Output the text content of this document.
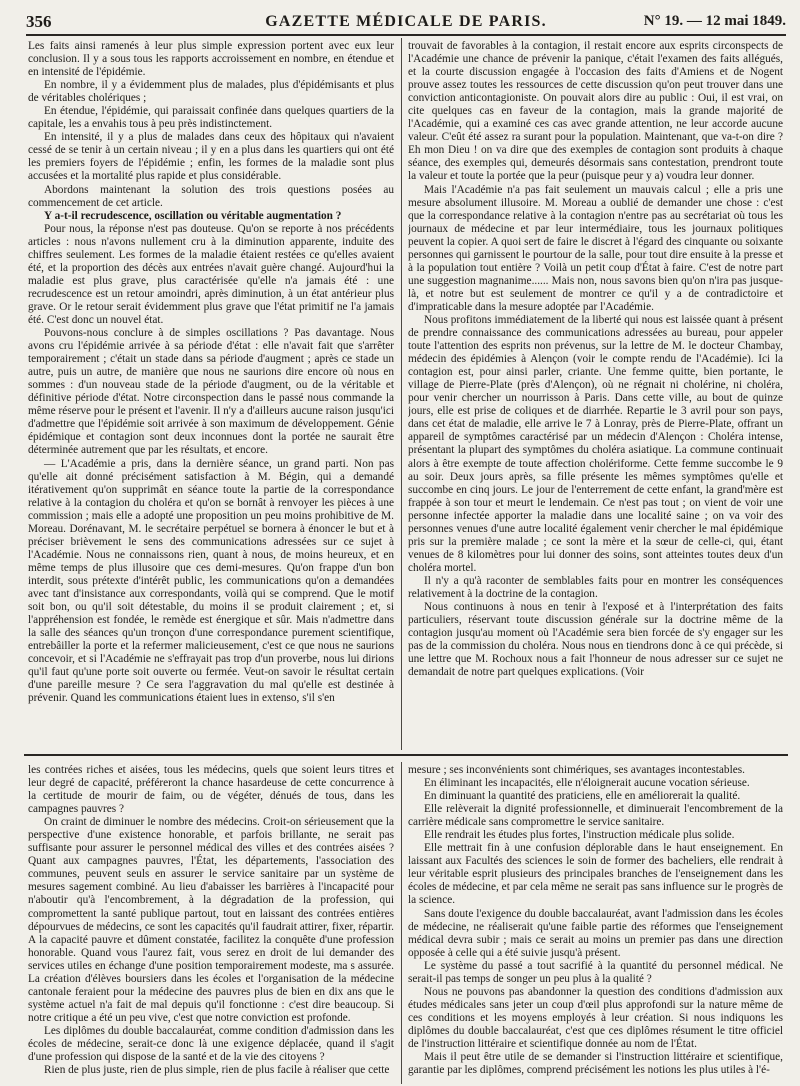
356	GAZETTE MÉDICALE DE PARIS.	N° 19. — 12 mai 1849.

Les faits ainsi ramenés à leur plus simple expression portent avec eux leur conclusion. Il y a sous tous les rapports accroissement en nombre, en étendue et en intensité de l'épidémie.

En nombre, il y a évidemment plus de malades, plus d'épidémisants et plus de véritables cholériques ;

En étendue, l'épidémie, qui paraissait confinée dans quelques quartiers de la capitale, les a envahis tous à peu près indistinctement.

En intensité, il y a plus de malades dans ceux des hôpitaux qui n'avaient cessé de se tenir à un certain niveau ; il y en a plus dans les quartiers qui ont été les premiers foyers de l'épidémie ; enfin, les formes de la maladie sont plus accusées et la mortalité plus rapide et plus considérable.

Abordons maintenant la solution des trois questions posées au commencement de cet article.

Y a-t-il recrudescence, oscillation ou véritable augmentation ?

Pour nous, la réponse n'est pas douteuse. Qu'on se reporte à nos précédents articles : nous n'avons nullement cru à la diminution apparente, induite des chiffres seulement. Les formes de la maladie étaient restées ce qu'elles avaient été, et la proportion des décès aux entrées n'avait guère changé. Aujourd'hui la maladie est plus grave, plus caractérisée qu'elle n'a jamais été : une recrudescence est un retour amoindri, après diminution, à un état antérieur plus grave. Or le retour serait évidemment plus grave que l'état primitif ne l'a jamais été. C'est donc un nouvel état.

Pouvons-nous conclure à de simples oscillations ? Pas davantage. Nous avons cru l'épidémie arrivée à sa période d'état : elle n'avait fait que s'arrêter temporairement ; c'était un stade dans sa période d'augment ; après ce stade un autre, puis un autre, de manière que nous ne saurions dire encore où nous en sommes : d'un nouveau stade de la période d'augment, ou de la véritable et définitive période d'état. Notre circonspection dans le passé nous commande la même réserve pour le présent et l'avenir. Il n'y a d'ailleurs aucune raison jusqu'ici d'admettre que l'épidémie soit arrivée à son maximum de développement. Génie épidémique et contagion sont deux inconnues dont la portée ne saurait être déterminée autrement que par les résultats, et encore.

— L'Académie a pris, dans la dernière séance, un grand parti. Non pas qu'elle ait donné précisément satisfaction à M. Bégin, qui a demandé itérativement qu'on supprimât en séance toute la partie de la correspondance relative à la contagion du choléra et qu'on se bornât à renvoyer les pièces à une commission ; mais elle a adopté une proposition un peu moins prohibitive de M. Moreau. Dorénavant, M. le secrétaire perpétuel se bornera à énoncer le but et à préciser brièvement le sens des communications adressées sur ce sujet à l'Académie. Nous ne connaissons rien, quant à nous, de moins heureux, et en même temps de plus illusoire que ces demi-mesures. Qu'on frappe d'un bon interdit, sous prétexte d'intérêt public, les communications qu'on a demandées avec tant d'insistance aux correspondants, voilà qui se comprend. Que le motif soit bon, ou qu'il soit détestable, du moins il se produit clairement ; et, si l'appréhension est fondée, le remède est énergique et sûr. Mais n'admettre dans la salle des séances qu'un tronçon d'une correspondance purement scientifique, entrebâiller la porte et la refermer malicieusement, c'est ce que nous ne saurions concevoir, et si l'Académie ne s'effrayait pas trop d'un proverbe, nous lui dirions qu'il faut qu'une porte soit ouverte ou fermée. Veut-on savoir le résultat certain d'une pareille mesure ? Ce sera l'aggravation du mal qu'elle est destinée à prévenir. Quand les communications étaient lues in extenso, s'il s'en

trouvait de favorables à la contagion, il restait encore aux esprits circonspects de l'Académie une chance de prévenir la panique, c'était l'examen des faits allégués, et la courte discussion engagée à l'occasion des faits d'Amiens et de Nogent prouve assez toutes les ressources de cette discussion qu'on peut trouver dans une conviction anticontagioniste. On pouvait alors dire au public : Oui, il est vrai, on cite quelques cas en faveur de la contagion, mais la grande majorité de l'Académie, qui a examiné ces cas avec grande attention, ne leur accorde aucune valeur. C'eût été assez ra surant pour la population. Maintenant, que va-t-on dire ? Eh mon Dieu ! on va dire que des exemples de contagion sont produits à chaque séance, des exemples qui, demeurés désormais sans contestation, prendront toute la valeur et toute la portée que la peur (puisque peur y a) voudra leur donner.

Mais l'Académie n'a pas fait seulement un mauvais calcul ; elle a pris une mesure absolument illusoire. M. Moreau a oublié de demander une chose : c'est que la correspondance relative à la contagion n'entre pas au secrétariat où tous les journaux de médecine et par leur intermédiaire, tous les journaux politiques peuvent la copier. A quoi sert de faire le discret à l'égard des cinquante ou soixante personnes qui garnissent le pourtour de la salle, pour tout dire ensuite à la presse et à la population tout entière ? Voilà un petit coup d'État à faire. C'est de notre part une suggestion magnanime...... Mais non, nous savons bien qu'on n'ira pas jusque-là, et notre but est seulement de montrer ce qu'il y a de contradictoire et d'impraticable dans la mesure adoptée par l'Académie.

Nous profitons immédiatement de la liberté qui nous est laissée quant à présent de prendre connaissance des communications adressées au bureau, pour appeler toute l'attention des esprits non prévenus, sur la lettre de M. le docteur Chambay, médecin des épidémies à Alençon (voir le compte rendu de l'Académie). Ici la contagion est, pour ainsi parler, criante. Une femme quitte, bien portante, le village de Pierre-Plate (près d'Alençon), où ne régnait ni cholérine, ni choléra, pour venir chercher un nourrisson à Paris. Dans cette ville, au bout de quinze jours, elle est prise de coliques et de diarrhée. Repartie le 3 avril pour son pays, dans cet état de maladie, elle arrive le 7 à Lonray, près de Pierre-Plate, offrant un appareil de symptômes caractérisé par un médecin d'Alençon : Choléra intense, présentant la plupart des symptômes du choléra asiatique. La commune continuait alors à être exempte de toute affection cholériforme. Cette femme succombe le 9 au soir. Deux jours après, sa fille présente les mêmes symptômes qu'elle et succombe en cinq jours. Le jour de l'enterrement de cette enfant, la grand'mère est frappée à son tour et meurt le lendemain. Ce n'est pas tout ; on vient de voir une personne infectée apporter la maladie dans une localité saine ; on va voir des personnes venues d'une autre localité également venir chercher le mal épidémique pris sur la première malade ; ce sont la mère et la sœur de celle-ci, qui, étant venues de 8 kilomètres pour lui donner des soins, sont atteintes toutes deux d'un choléra mortel.

Il n'y a qu'à raconter de semblables faits pour en montrer les conséquences relativement à la doctrine de la contagion.

Nous continuons à nous en tenir à l'exposé et à l'interprétation des faits particuliers, réservant toute discussion générale sur la doctrine même de la contagion jusqu'au moment où l'Académie sera bien forcée de s'y engager sur les pas de la commission du choléra. Nous nous en tiendrons donc à ce qui précède, si une lettre que M. Rochoux nous a fait l'honneur de nous adresser sur ce sujet ne demandait de notre part quelques explications. (Voir

les contrées riches et aisées, tous les médecins, quels que soient leurs titres et leur degré de capacité, préféreront la chance hasardeuse de cette concurrence à la certitude de mourir de faim, ou de végéter, dénués de tous, dans les campagnes pauvres ?

On craint de diminuer le nombre des médecins. Croit-on sérieusement que la perspective d'une existence honorable, et parfois brillante, ne serait pas suffisante pour assurer le personnel médical des villes et des contrées aisées ? Quant aux campagnes pauvres, l'État, les départements, l'association des communes, peuvent seuls en assurer le service sanitaire par un système de mesures sagement combiné. Au lieu d'abaisser les barrières à l'incapacité pour n'aboutir qu'à l'encombrement, à la dégradation de la profession, qui compromettent la santé publique partout, tout en laissant des contrées entières dépourvues de médecins, ce sont les capacités qu'il faudrait attirer, fixer, répartir. A la capacité pauvre et dûment constatée, facilitez la conquête d'une profession honorable. Quand vous l'aurez fait, vous serez en droit de lui demander des services utiles en échange d'une position temporairement modeste, ma s assurée. La création d'élèves boursiers dans les écoles et l'organisation de la médecine cantonale feraient pour la médecine des pauvres plus de bien en dix ans que le système actuel n'a fait de mal depuis qu'il fonctionne : c'est dire beaucoup. Si notre critique a été un peu vive, c'est que notre conviction est profonde.

Les diplômes du double baccalauréat, comme condition d'admission dans les écoles de médecine, serait-ce donc là une exigence déplacée, quand il s'agit d'une profession qui dispose de la santé et de la vie des citoyens ?

Rien de plus juste, rien de plus simple, rien de plus facile à réaliser que cette

mesure ; ses inconvénients sont chimériques, ses avantages incontestables.

En éliminant les incapacités, elle n'éloignerait aucune vocation sérieuse.

En diminuant la quantité des praticiens, elle en améliorerait la qualité.

Elle relèverait la dignité professionnelle, et diminuerait l'encombrement de la carrière médicale sans compromettre le service sanitaire.

Elle rendrait les études plus fortes, l'instruction médicale plus solide.

Elle mettrait fin à une confusion déplorable dans le haut enseignement. En laissant aux Facultés des sciences le soin de former des bacheliers, elle rendrait à leur véritable esprit plusieurs des principales branches de l'enseignement dans les écoles de médecine, et par cela même ne serait pas sans influence sur le progrès de la science.

Sans doute l'exigence du double baccalauréat, avant l'admission dans les écoles de médecine, ne réaliserait qu'une faible partie des réformes que l'enseignement médical devra subir ; mais ce serait au moins un premier pas dans une direction opposée à celle qui a été suivie jusqu'à présent.

Le système du passé a tout sacrifié à la quantité du personnel médical. Ne serait-il pas temps de songer un peu plus à la qualité ?

Nous ne pouvons pas abandonner la question des conditions d'admission aux études médicales sans jeter un coup d'œil plus approfondi sur la nature même de ces conditions et les moyens employés à leur création. Si nous indiquons les diplômes du double baccalauréat, c'est que ces diplômes résument le titre officiel de l'instruction littéraire et scientifique donnée au nom de l'État.

Mais il peut être utile de se demander si l'instruction littéraire et scientifique, garantie par les diplômes, comprend précisément les notions les plus utiles à l'é-
